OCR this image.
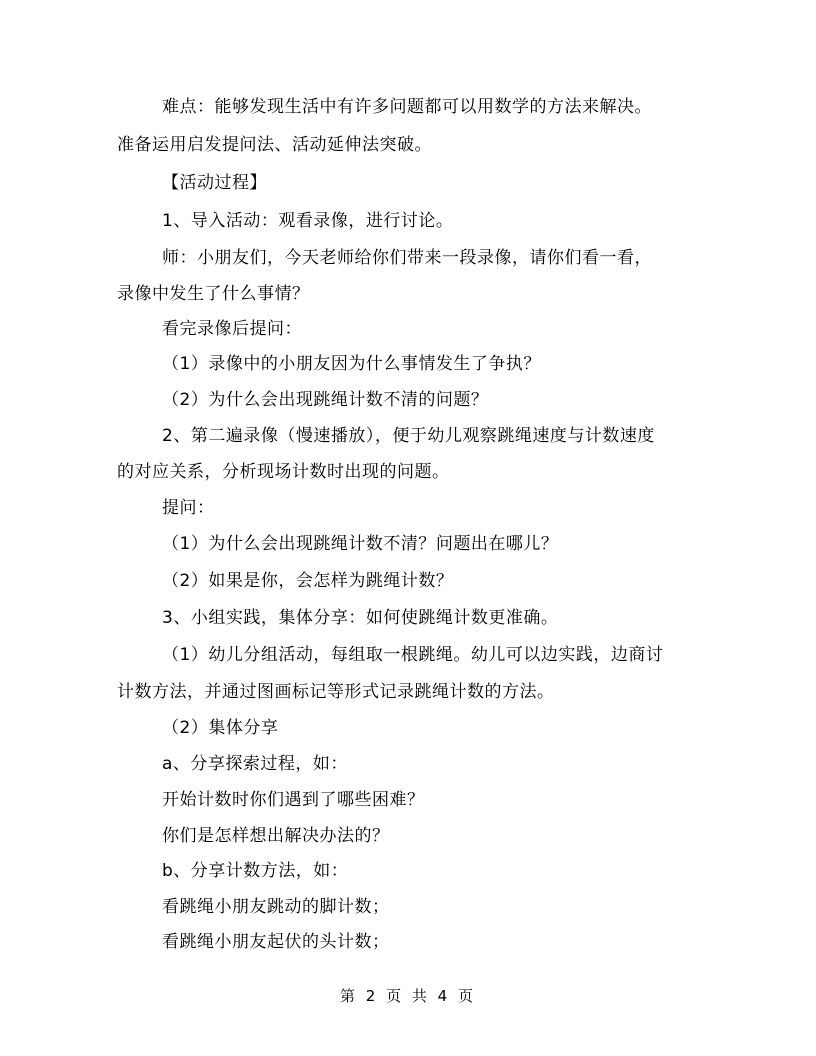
难点：能够发现生活中有许多问题都可以用数学的方法来解决。
准备运用启发提问法、活动延伸法突破。
【活动过程】
1、导入活动：观看录像，进行讨论。
师：小朋友们，今天老师给你们带来一段录像，请你们看一看，
录像中发生了什么事情？
看完录像后提问：
（1）录像中的小朋友因为什么事情发生了争执？
（2）为什么会出现跳绳计数不清的问题？
2、第二遍录像（慢速播放），便于幼儿观察跳绳速度与计数速度
的对应关系，分析现场计数时出现的问题。
提问：
（1）为什么会出现跳绳计数不清？问题出在哪儿？
（2）如果是你，会怎样为跳绳计数？
3、小组实践，集体分享：如何使跳绳计数更准确。
（1）幼儿分组活动，每组取一根跳绳。幼儿可以边实践，边商讨
计数方法，并通过图画标记等形式记录跳绳计数的方法。
（2）集体分享
a、分享探索过程，如：
开始计数时你们遇到了哪些困难？
你们是怎样想出解决办法的？
b、分享计数方法，如：
看跳绳小朋友跳动的脚计数；
看跳绳小朋友起伏的头计数；
第 2 页 共 4 页
